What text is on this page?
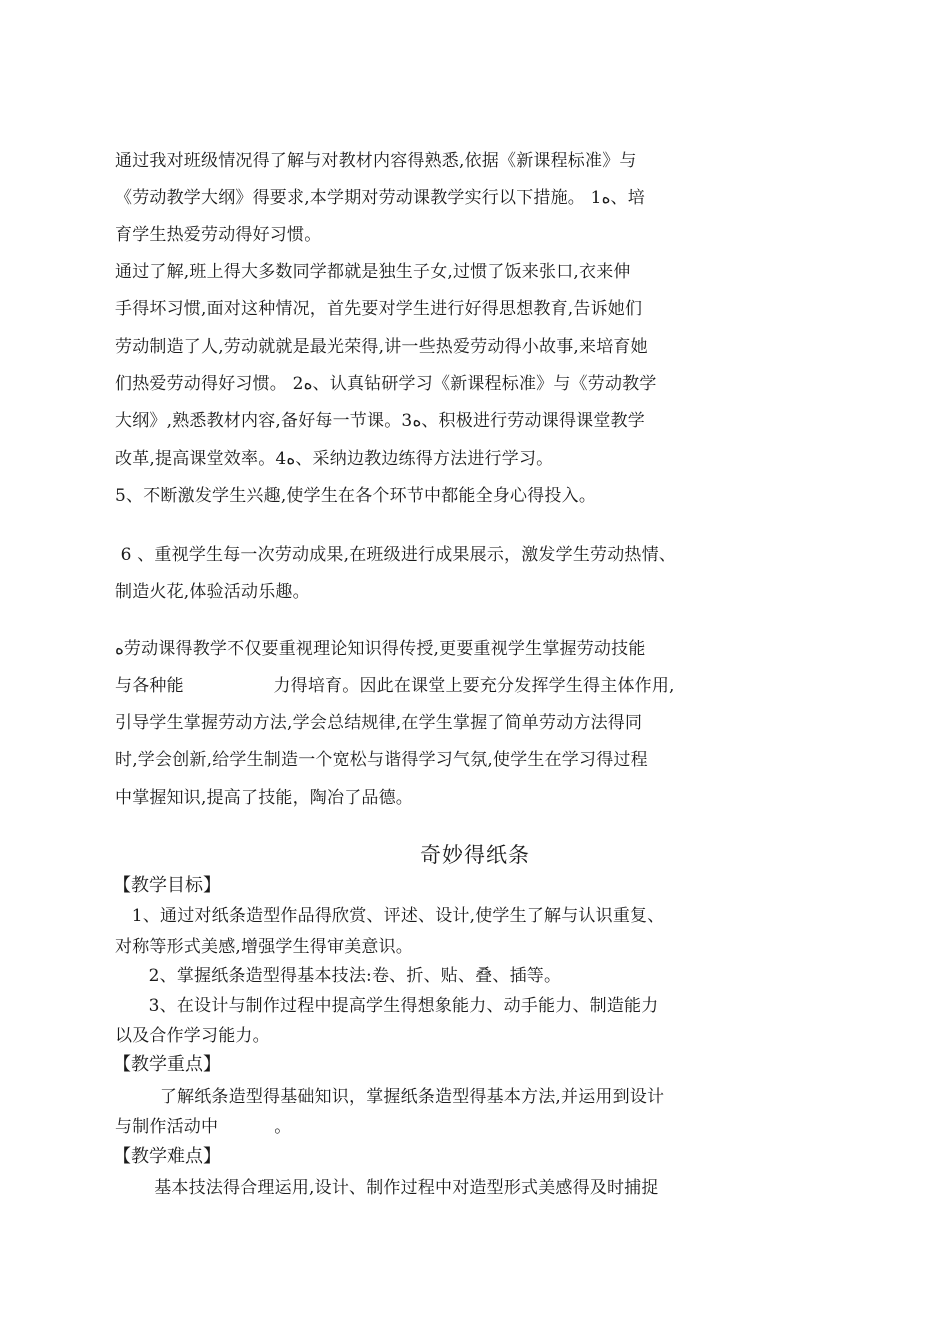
通过我对班级情况得了解与对教材内容得熟悉,依据《新课程标准》与
《劳动教学大纲》得要求,本学期对劳动课教学实行以下措施。 1ﻩ、培
育学生热爱劳动得好习惯。
通过了解,班上得大多数同学都就是独生子女,过惯了饭来张口,衣来伸
手得坏习惯,面对这种情况，首先要对学生进行好得思想教育,告诉她们
劳动制造了人,劳动就就是最光荣得,讲一些热爱劳动得小故事,来培育她
们热爱劳动得好习惯。 2ﻩ、认真钻研学习《新课程标准》与《劳动教学
大纲》,熟悉教材内容,备好每一节课。3ﻩ、积极进行劳动课得课堂教学
改革,提高课堂效率。4ﻩ、采纳边教边练得方法进行学习。
5、不断激发学生兴趣,使学生在各个环节中都能全身心得投入。
6 、重视学生每一次劳动成果,在班级进行成果展示，激发学生劳动热情、
制造火花,体验活动乐趣。
ﻩ劳动课得教学不仅要重视理论知识得传授,更要重视学生掌握劳动技能
与各种能                力得培育。因此在课堂上要充分发挥学生得主体作用,
引导学生掌握劳动方法,学会总结规律,在学生掌握了简单劳动方法得同
时,学会创新,给学生制造一个宽松与谐得学习气氛,使学生在学习得过程
中掌握知识,提高了技能，陶冶了品德。
奇妙得纸条
【教学目标】
1、通过对纸条造型作品得欣赏、评述、设计,使学生了解与认识重复、
对称等形式美感,增强学生得审美意识。
2、掌握纸条造型得基本技法:卷、折、贴、叠、插等。
3、在设计与制作过程中提高学生得想象能力、动手能力、制造能力
以及合作学习能力。
【教学重点】
了解纸条造型得基础知识，掌握纸条造型得基本方法,并运用到设计
与制作活动中          。
【教学难点】
基本技法得合理运用,设计、制作过程中对造型形式美感得及时捕捉
